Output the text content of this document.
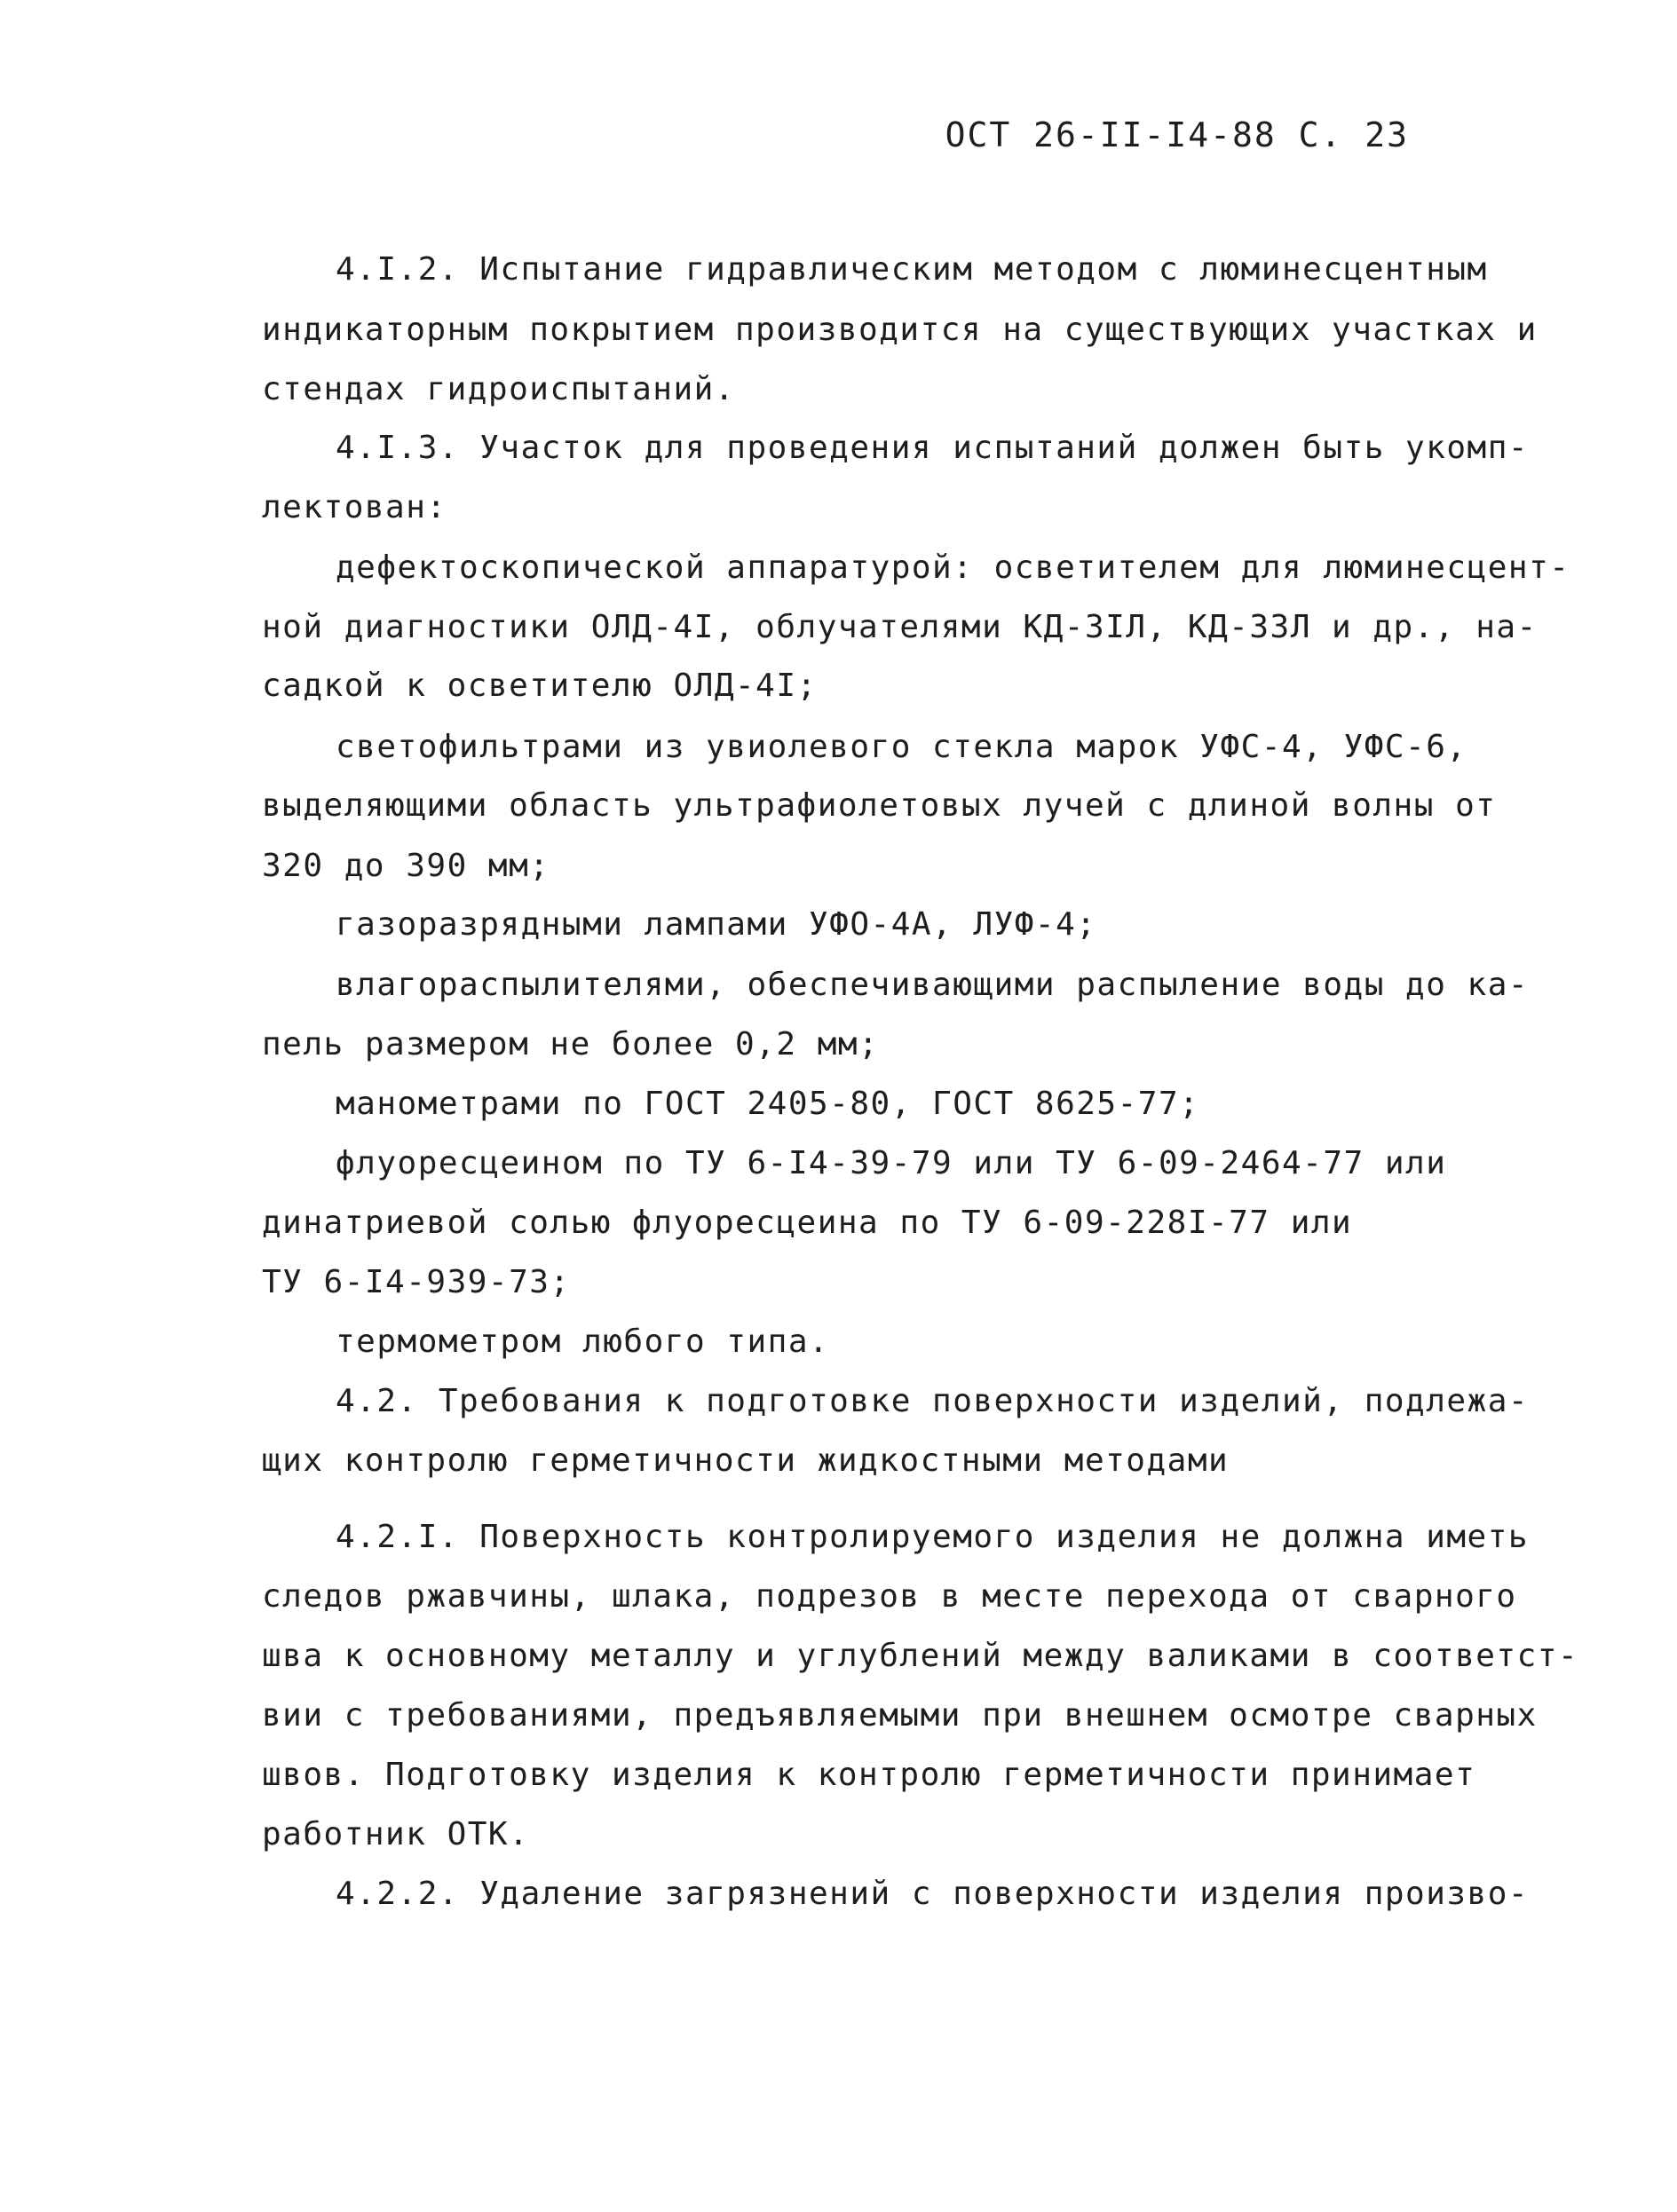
ОСТ 26-II-I4-88 С. 23
4.I.2. Испытание гидравлическим методом с люминесцентным
индикаторным покрытием производится на существующих участках и
стендах гидроиспытаний.
4.I.3. Участок для проведения испытаний должен быть укомп-
лектован:
дефектоскопической аппаратурой: осветителем для люминесцент-
ной диагностики ОЛД-4I, облучателями КД-3IЛ, КД-33Л и др., на-
садкой к осветителю ОЛД-4I;
светофильтрами из увиолевого стекла марок УФС-4, УФС-6,
выделяющими область ультрафиолетовых лучей с длиной волны от
320 до 390 мм;
газоразрядными лампами УФО-4А, ЛУФ-4;
влагораспылителями, обеспечивающими распыление воды до ка-
пель размером не более 0,2 мм;
манометрами по ГОСТ 2405-80, ГОСТ 8625-77;
флуоресцеином по ТУ 6-I4-39-79 или ТУ 6-09-2464-77 или
динатриевой солью флуоресцеина по ТУ 6-09-228I-77 или
ТУ 6-I4-939-73;
термометром любого типа.
4.2. Требования к подготовке поверхности изделий, подлежа-
щих контролю герметичности жидкостными методами
4.2.I. Поверхность контролируемого изделия не должна иметь
следов ржавчины, шлака, подрезов в месте перехода от сварного
шва к основному металлу и углублений между валиками в соответст-
вии с требованиями, предъявляемыми при внешнем осмотре сварных
швов. Подготовку изделия к контролю герметичности принимает
работник ОТК.
4.2.2. Удаление загрязнений с поверхности изделия произво-
